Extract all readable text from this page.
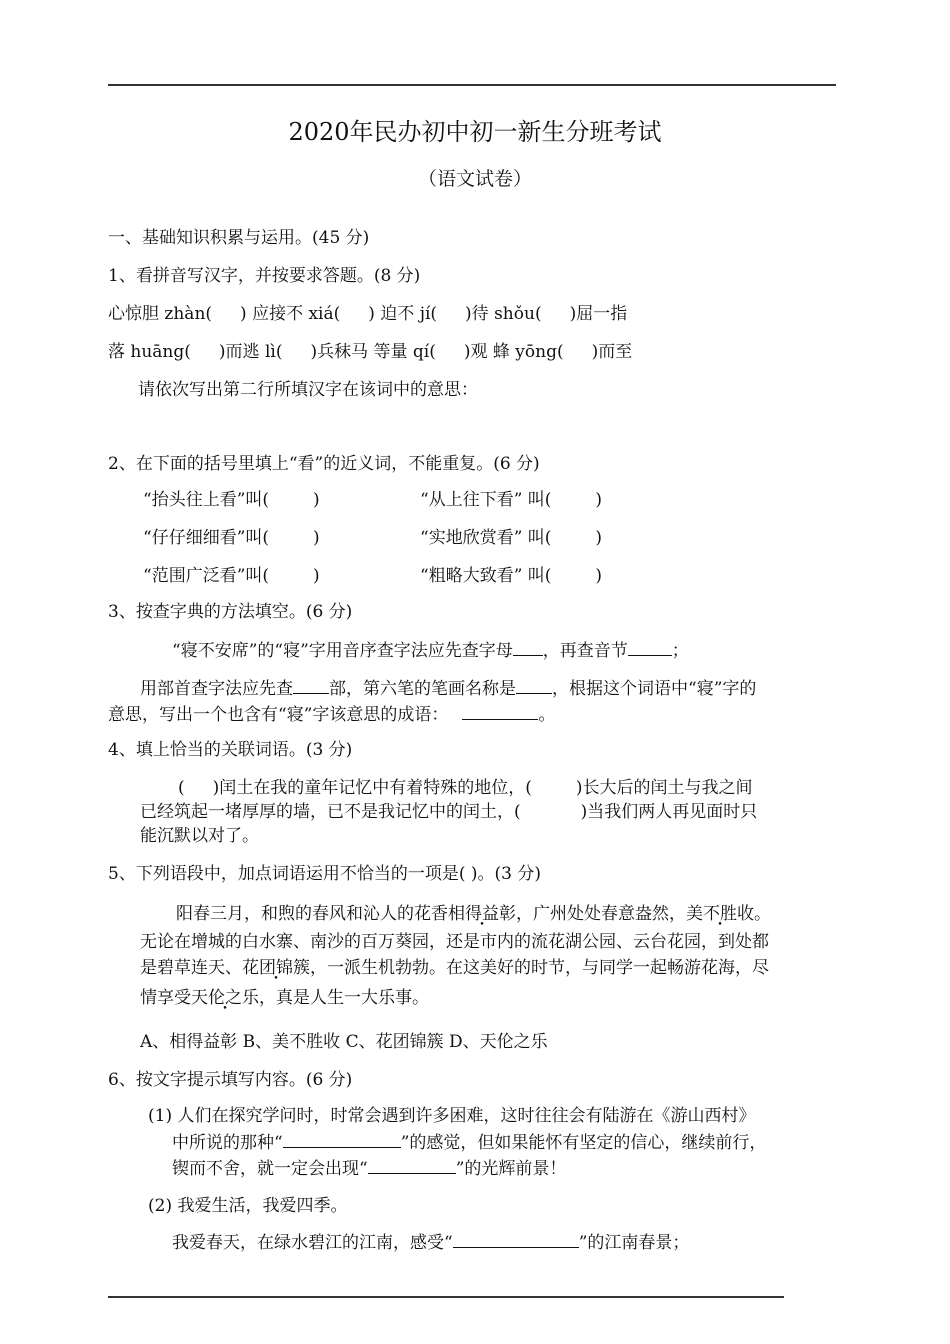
2020年民办初中初一新生分班考试
（语文试卷）
一、基础知识积累与运用。(45 分)
1、看拼音写汉字，并按要求答题。(8 分)
心惊胆 zhàn( ) 应接不 xiá( ) 迫不 jí( )待 shǒu( )屈一指
落 huāng( )而逃 lì( )兵秣马 等量 qí( )观 蜂 yōng( )而至
请依次写出第二行所填汉字在该词中的意思：
2、在下面的括号里填上“看”的近义词，不能重复。(6 分)
“抬头往上看”叫(	)	“从上往下看” 叫(	)
“仔仔细细看”叫(	)	“实地欣赏看” 叫(	)
“范围广泛看”叫(	)	“粗略大致看” 叫(	)
3、按查字典的方法填空。(6 分)
“寝不安席”的“寝”字用音序查字法应先查字母 ，再查音节	；
用部首查字法应先查 部，第六笔的笔画名称是 ，根据这个词语中“寝”字的
意思，写出一个也含有“寝”字该意思的成语：	。
4、填上恰当的关联词语。(3 分)
( )闰土在我的童年记忆中有着特殊的地位，(	)长大后的闰土与我之间
已经筑起一堵厚厚的墙，已不是我记忆中的闰土，(	)当我们两人再见面时只
能沉默以对了。
5、下列语段中，加点词语运用不恰当的一项是( )。(3 分)
阳春三月，和煦的春风和沁人的花香相得益彰，广州处处春意盎然，美不胜收。
无论在增城的白水寨、南沙的百万葵园，还是市内的流花湖公园、云台花园，到处都
是碧草连天、花团锦簇，一派生机勃勃。在这美好的时节，与同学一起畅游花海，尽
情享受天伦之乐，真是人生一大乐事。
A、相得益彰 B、美不胜收 C、花团锦簇 D、天伦之乐
6、按文字提示填写内容。(6 分)
(1) 人们在探究学问时，时常会遇到许多困难，这时往往会有陆游在《游山西村》
中所说的那种“	”的感觉，但如果能怀有坚定的信心，继续前行，
锲而不舍，就一定会出现“	”的光辉前景！
(2) 我爱生活，我爱四季。
我爱春天，在绿水碧江的江南，感受“	”的江南春景；
